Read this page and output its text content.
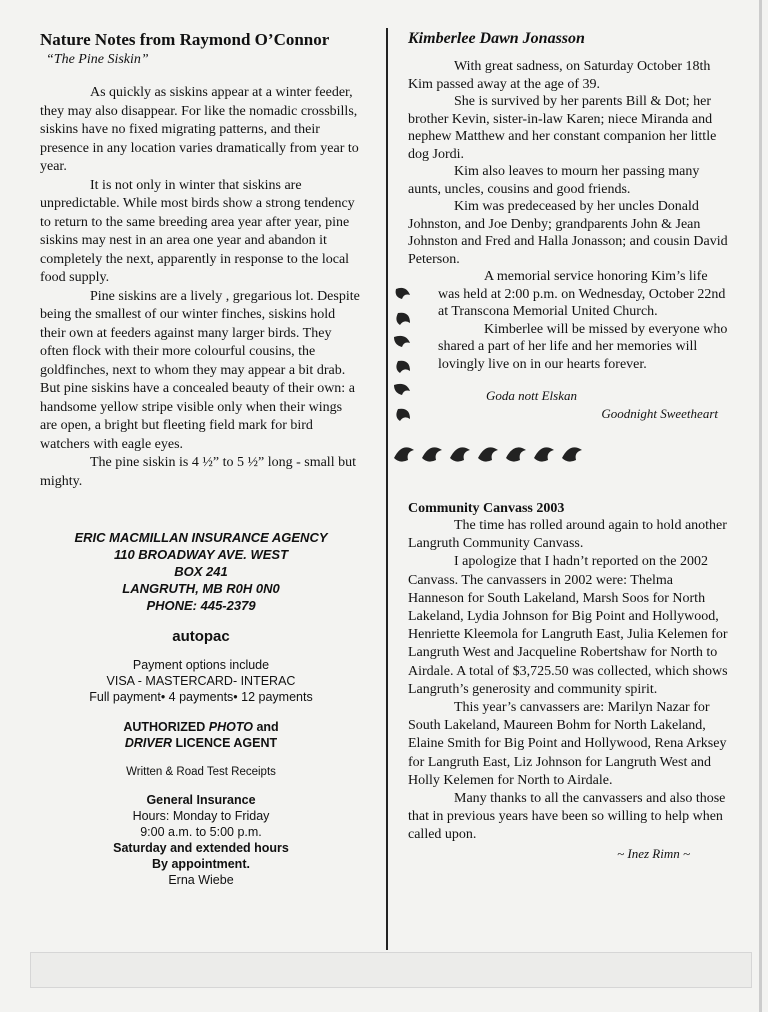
Nature Notes from Raymond O’Connor
“The Pine Siskin”

As quickly as siskins appear at a winter feeder, they may also disappear. For like the nomadic crossbills, siskins have no fixed migrating patterns, and their presence in any location varies dramatically from year to year.

It is not only in winter that siskins are unpredictable. While most birds show a strong tendency to return to the same breeding area year after year, pine siskins may nest in an area one year and abandon it completely the next, apparently in response to the local food supply.

Pine siskins are a lively , gregarious lot. Despite being the smallest of our winter finches, siskins hold their own at feeders against many larger birds. They often flock with their more colourful cousins, the goldfinches, next to whom they may appear a bit drab. But pine siskins have a concealed beauty of their own: a handsome yellow stripe visible only when their wings are open, a bright but fleeting field mark for bird watchers with eagle eyes.

The pine siskin is 4 ½” to 5 ½” long - small but mighty.

ERIC MACMILLAN INSURANCE AGENCY
110 BROADWAY AVE. WEST
BOX 241
LANGRUTH, MB R0H 0N0
PHONE: 445-2379
autopac
Payment options include
VISA - MASTERCARD- INTERAC
Full payment• 4 payments• 12 payments
AUTHORIZED PHOTO and
DRIVER LICENCE AGENT
Written & Road Test Receipts
General Insurance
Hours: Monday to Friday
9:00 a.m. to 5:00 p.m.
Saturday and extended hours
By appointment.
Erna Wiebe
Kimberlee Dawn Jonasson

With great sadness, on Saturday October 18th Kim passed away at the age of 39.

She is survived by her parents Bill & Dot; her brother Kevin, sister-in-law Karen; niece Miranda and nephew Matthew and her constant companion her little dog Jordi.

Kim also leaves to mourn her passing many aunts, uncles, cousins and good friends.

Kim was predeceased by her uncles Donald Johnston, and Joe Denby; grandparents John & Jean Johnston and Fred and Halla Jonasson; and cousin David Peterson.

A memorial service honoring Kim’s life was held at 2:00 p.m. on Wednesday, October 22nd at Transcona Memorial United Church.

Kimberlee will be missed by everyone who shared a part of her life and her memories will lovingly live on in our hearts forever.

Goda nott Elskan
Goodnight Sweetheart
Community Canvass 2003

The time has rolled around again to hold another Langruth Community Canvass.

I apologize that I hadn’t reported on the 2002 Canvass. The canvassers in 2002 were: Thelma Hanneson for South Lakeland, Marsh Soos for North Lakeland, Lydia Johnson for Big Point and Hollywood, Henriette Kleemola for Langruth East, Julia Kelemen for Langruth West and Jacqueline Robertshaw for North to Airdale. A total of $3,725.50 was collected, which shows Langruth’s generosity and community spirit.

This year’s canvassers are: Marilyn Nazar for South Lakeland, Maureen Bohm for North Lakeland, Elaine Smith for Big Point and Hollywood, Rena Arksey for Langruth East, Liz Johnson for Langruth West and Holly Kelemen for North to Airdale.

Many thanks to all the canvassers and also those that in previous years have been so willing to help when called upon.

~ Inez Rimn ~
